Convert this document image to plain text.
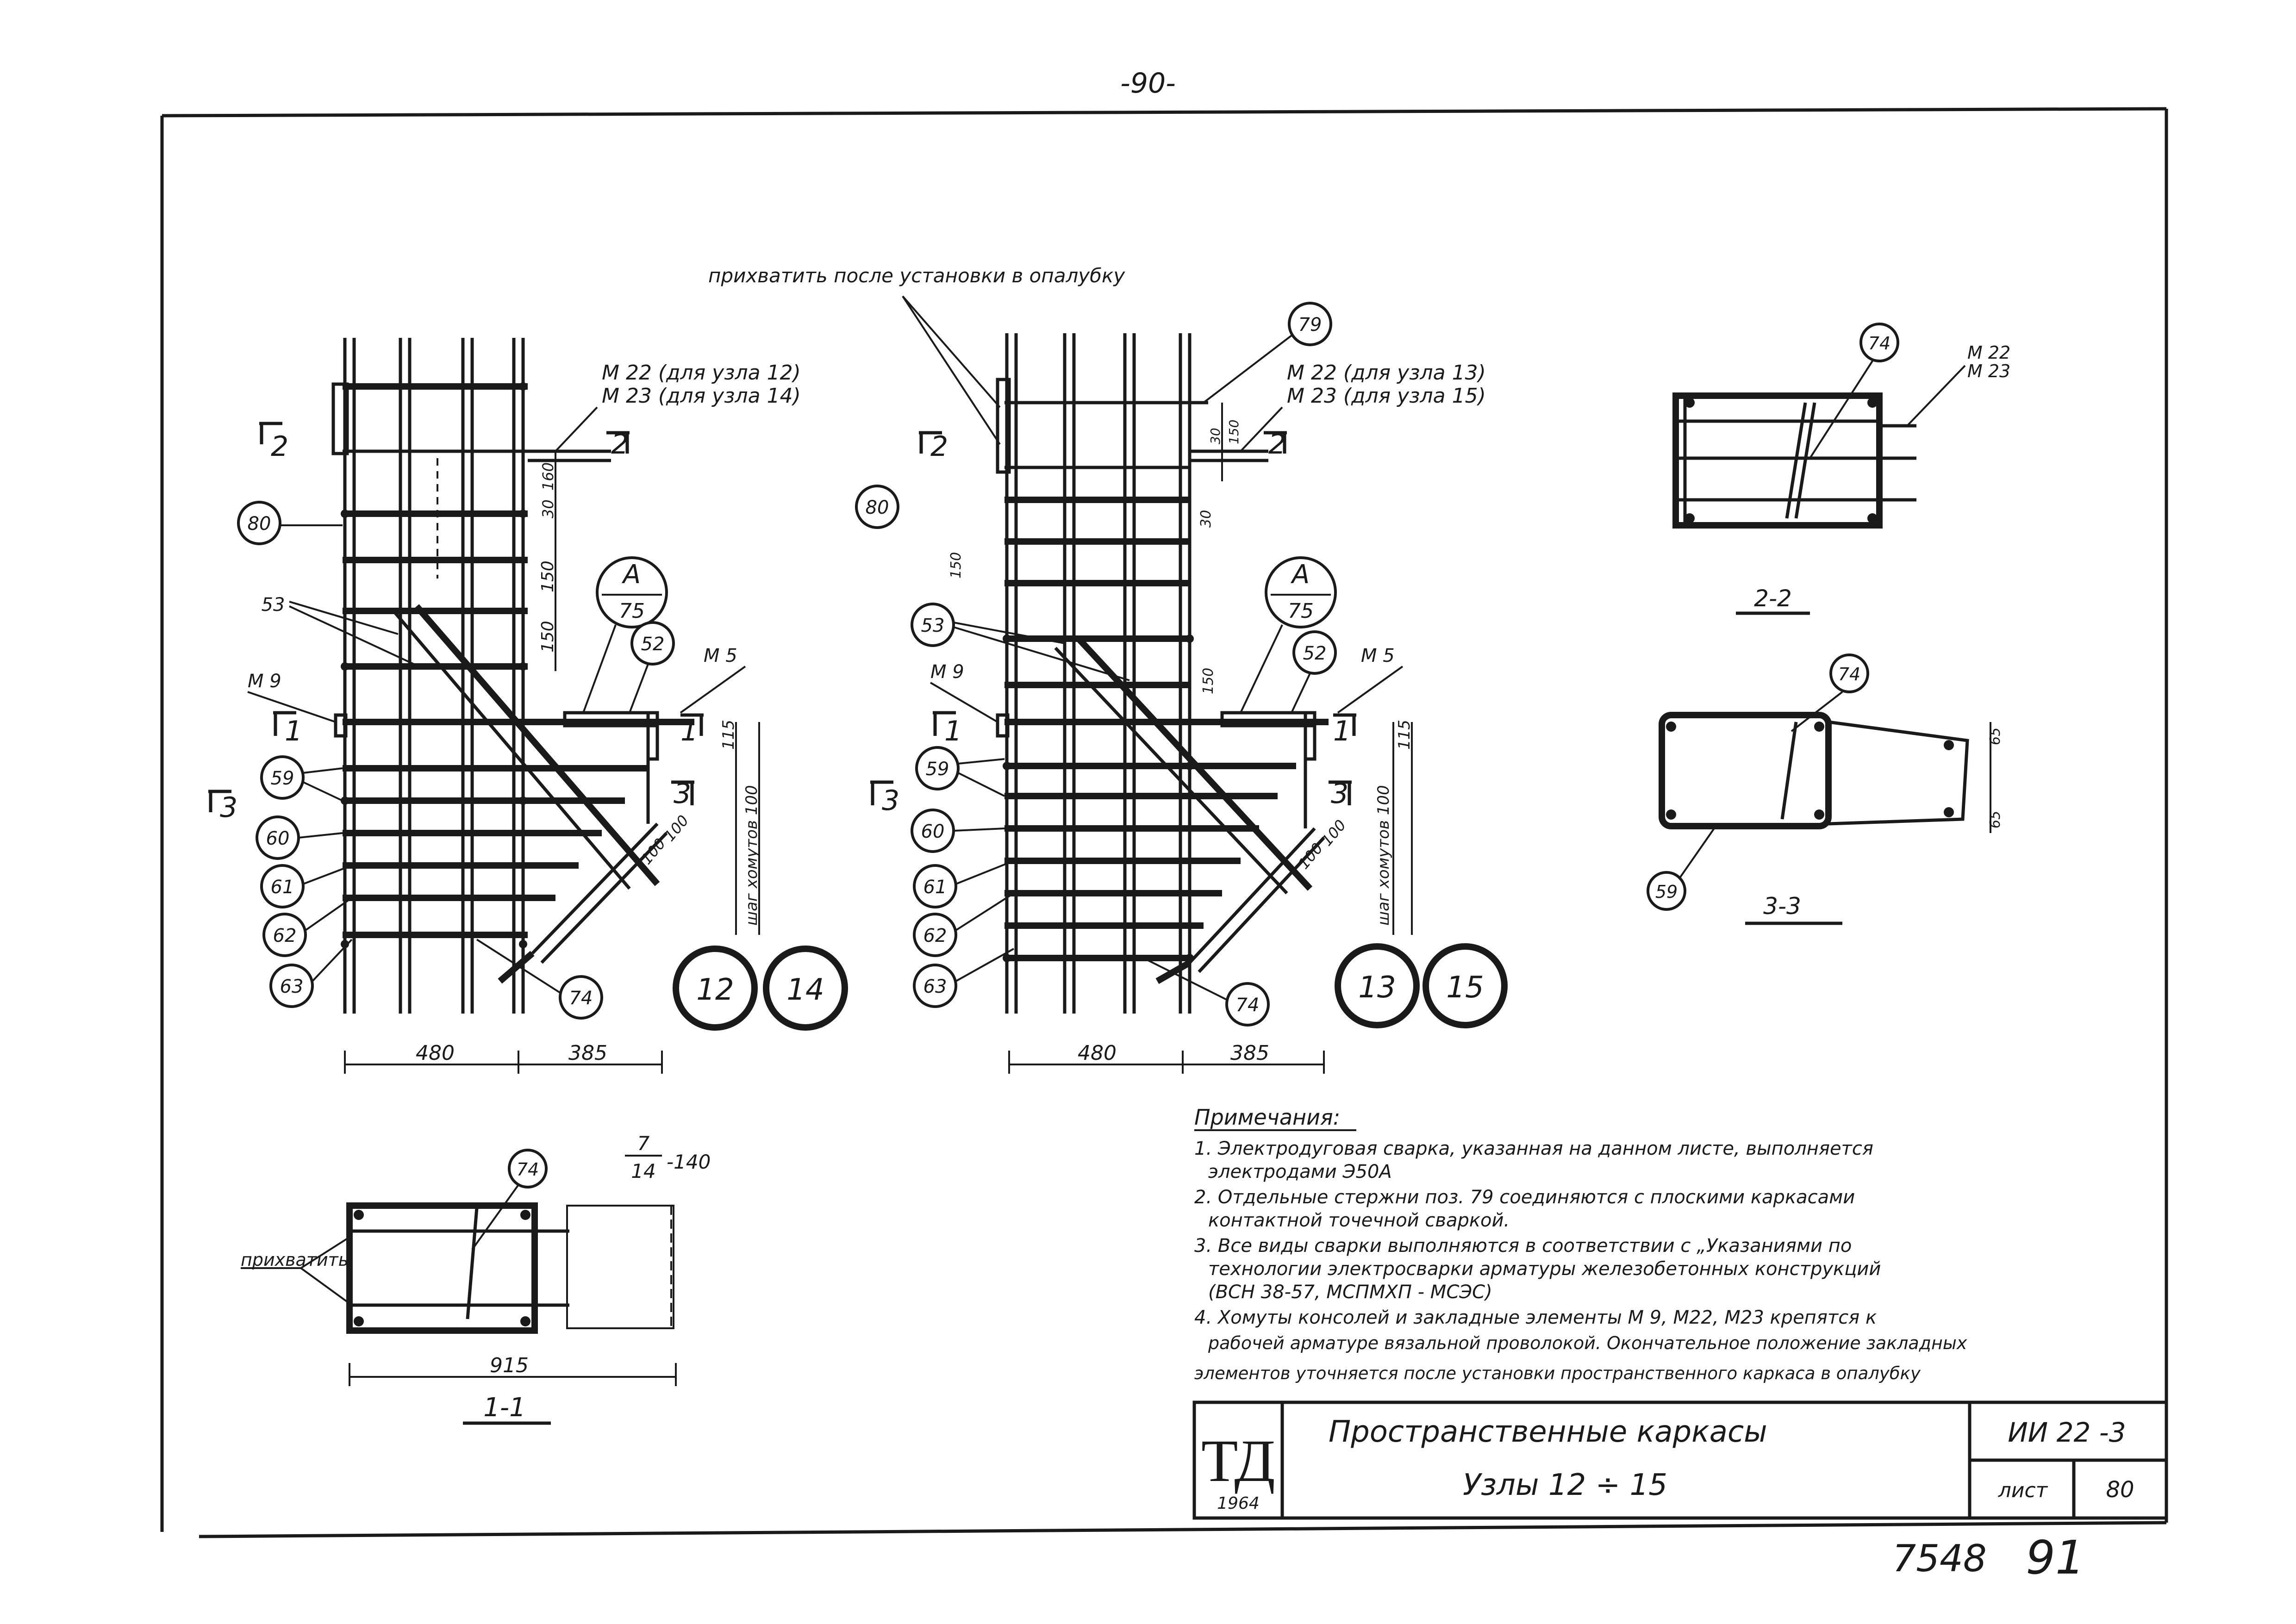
-90-
2	2
1	1
3	3
М 22 (для узла 12)
М 23 (для узла 14)
М 9
М 5
160
30
150
150
шаг хомутов 100
115
100
100
480	385
А
75
80
53
59
60
61
62
63
74
52
12 14
2	2
1	1
3	3
прихватить после установки в опалубку
М 22 (для узла 13)
М 23 (для узла 15)
М 9
М 5
30 150
30
150
150
шаг хомутов 100
115
100
100
480	385
А
75
79
80
53
59
60
61
62
63
74
52
13 15
74	М 22
М 23
2-2
65
65
74
59
3-3
прихватить
74
7
14 -140
915
1-1
Примечания:
1. Электродуговая сварка, указанная на данном листе, выполняется
электродами Э50А
2. Отдельные стержни поз. 79 соединяются с плоскими каркасами
контактной точечной сваркой.
3. Все виды сварки выполняются в соответствии с „Указаниями по
технологии электросварки арматуры железобетонных конструкций
(ВСН 38-57, МСПМХП - МСЭС)
4. Хомуты консолей и закладные элементы М 9, М22, М23 крепятся к
рабочей арматуре вязальной проволокой. Окончательное положение закладных
элементов уточняется после установки пространственного каркаса в опалубку
ТД
1964
Пространственные каркасы
Узлы 12 ÷ 15
ИИ 22 -3
лист	80
7548 91
